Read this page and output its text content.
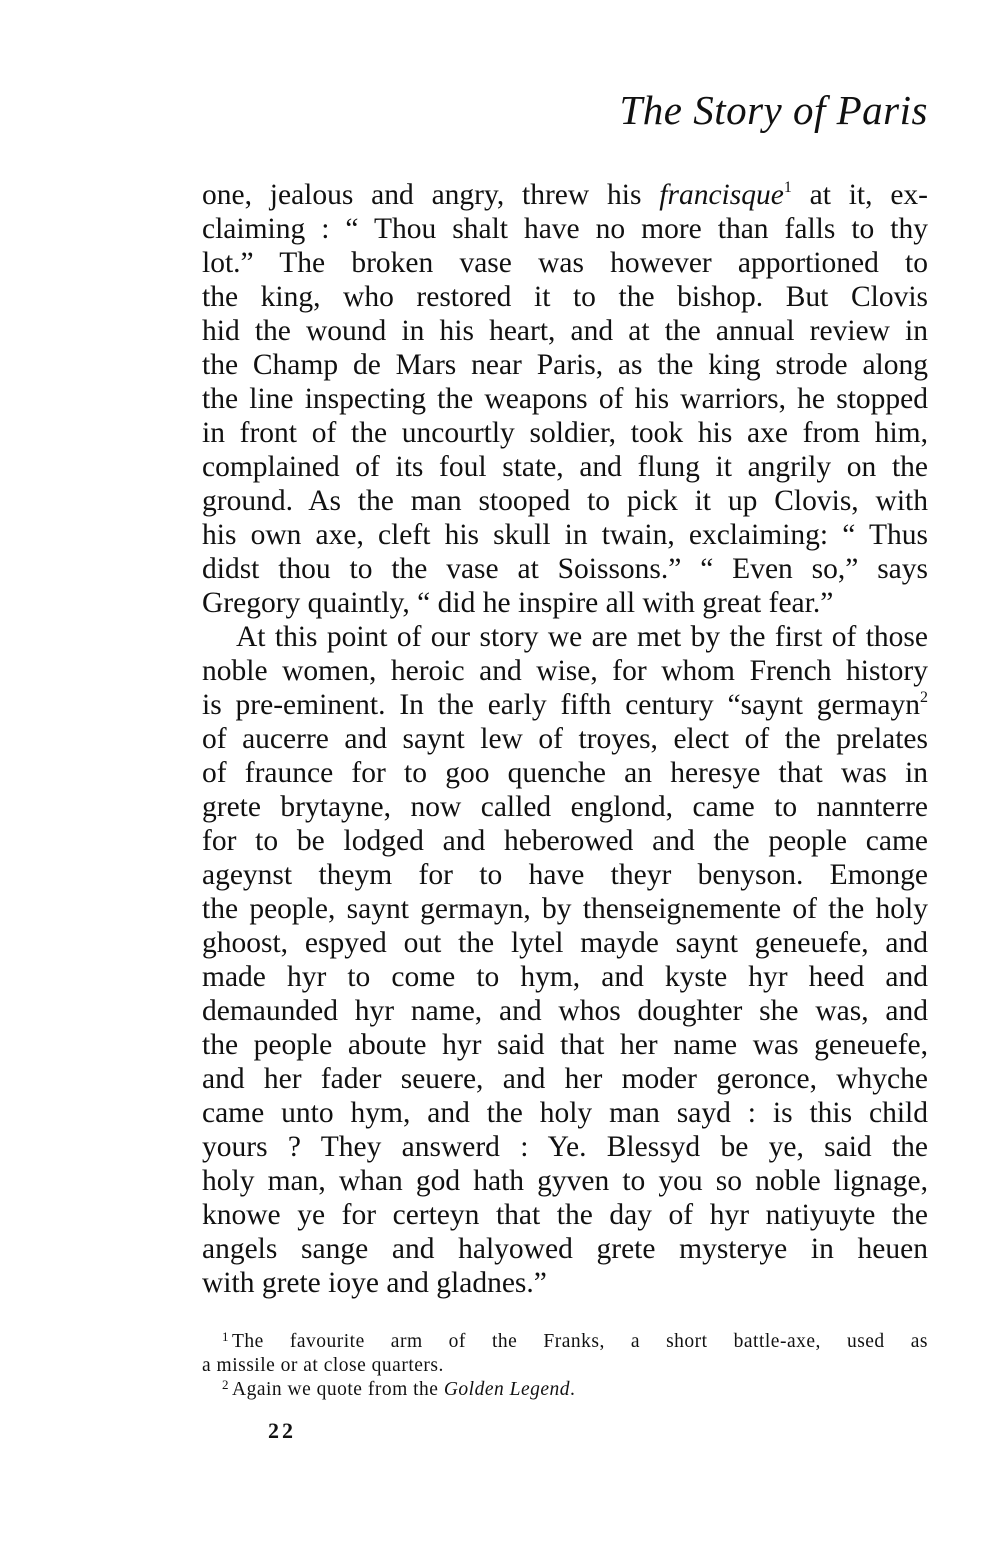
The Story of Paris
one, jealous and angry, threw his francisque$^1$ at it, ex-
claiming : “ Thou shalt have no more than falls to thy
lot.” The broken vase was however apportioned to
the king, who restored it to the bishop. But Clovis
hid the wound in his heart, and at the annual review in
the Champ de Mars near Paris, as the king strode along
the line inspecting the weapons of his warriors, he stopped
in front of the uncourtly soldier, took his axe from him,
complained of its foul state, and flung it angrily on the
ground. As the man stooped to pick it up Clovis, with
his own axe, cleft his skull in twain, exclaiming: “ Thus
didst thou to the vase at Soissons.” “ Even so,” says
Gregory quaintly, “ did he inspire all with great fear.”
At this point of our story we are met by the first of those
noble women, heroic and wise, for whom French history
is pre-eminent. In the early fifth century “saynt germayn$^2$
of aucerre and saynt lew of troyes, elect of the prelates
of fraunce for to goo quenche an heresye that was in
grete brytayne, now called englond, came to nannterre
for to be lodged and heberowed and the people came
ageynst theym for to have theyr benyson. Emonge
the people, saynt germayn, by thenseignemente of the holy
ghoost, espyed out the lytel mayde saynt geneuefe, and
made hyr to come to hym, and kyste hyr heed and
demaunded hyr name, and whos doughter she was, and
the people aboute hyr said that her name was geneuefe,
and her fader seuere, and her moder geronce, whyche
came unto hym, and the holy man sayd : is this child
yours ? They answerd : Ye. Blessyd be ye, said the
holy man, whan god hath gyven to you so noble lignage,
knowe ye for certeyn that the day of hyr natiyuyte the
angels sange and halyowed grete mysterye in heuen
with grete ioye and gladnes.”
$^1$ The favourite arm of the Franks, a short battle-axe, used as
a missile or at close quarters.
$^2$ Again we quote from the Golden Legend.
22
